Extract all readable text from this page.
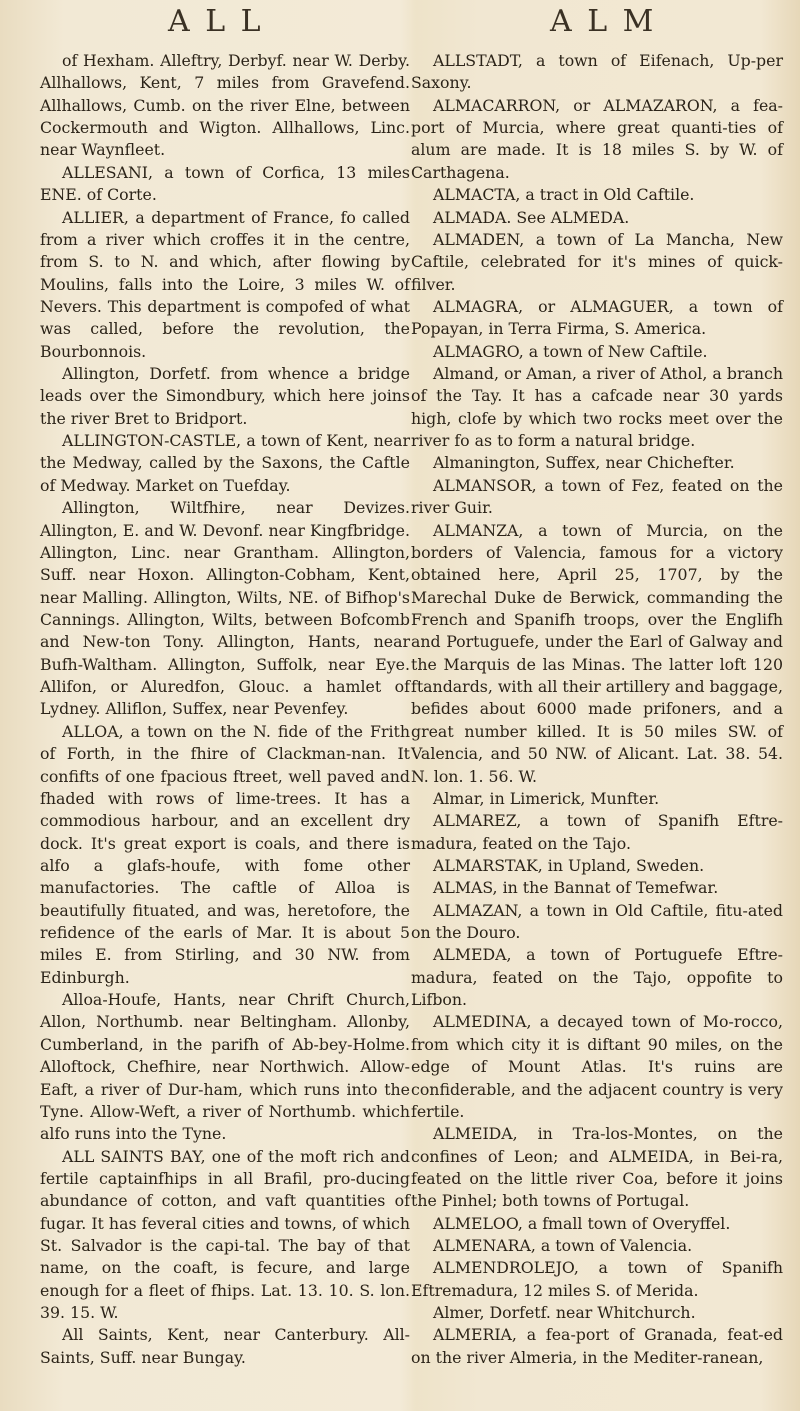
A L L	A L M

of Hexham. Alleftry, Derbyf. near W. Derby. Allhallows, Kent, 7 miles from Gravefend. Allhallows, Cumb. on the river Elne, between Cockermouth and Wigton. Allhallows, Linc. near Waynfleet.

ALLESANI, a town of Corfica, 13 miles ENE. of Corte.

ALLIER, a department of France, fo called from a river which croffes it in the centre, from S. to N. and which, after flowing by Moulins, falls into the Loire, 3 miles W. of Nevers. This department is compofed of what was called, before the revolution, the Bourbonnois.

Allington, Dorfetf. from whence a bridge leads over the Simondbury, which here joins the river Bret to Bridport.

ALLINGTON-CASTLE, a town of Kent, near the Medway, called by the Saxons, the Caftle of Medway. Market on Tuefday.

Allington, Wiltfhire, near Devizes. Allington, E. and W. Devonf. near Kingfbridge. Allington, Linc. near Grantham. Allington, Suff. near Hoxon. Allington-Cobham, Kent, near Malling. Allington, Wilts, NE. of Bifhop's Cannings. Allington, Wilts, between Bofcomb and New-ton Tony. Allington, Hants, near Bufh-Waltham. Allington, Suffolk, near Eye. Allifon, or Aluredfon, Glouc. a hamlet of Lydney. Alliflon, Suffex, near Pevenfey.

ALLOA, a town on the N. fide of the Frith of Forth, in the fhire of Clackman-nan. It confifts of one fpacious ftreet, well paved and fhaded with rows of lime-trees. It has a commodious harbour, and an excellent dry dock. It's great export is coals, and there is alfo a glafs-houfe, with fome other manufactories. The caftle of Alloa is beautifully fituated, and was, heretofore, the refidence of the earls of Mar. It is about 5 miles E. from Stirling, and 30 NW. from Edinburgh.

Alloa-Houfe, Hants, near Chrift Church, Allon, Northumb. near Beltingham. Allonby, Cumberland, in the parifh of Ab-bey-Holme. Alloftock, Chefhire, near Northwich. Allow-Eaft, a river of Dur-ham, which runs into the Tyne. Allow-Weft, a river of Northumb. which alfo runs into the Tyne.

ALL SAINTS BAY, one of the moft rich and fertile captainfhips in all Brafil, pro-ducing abundance of cotton, and vaft quantities of fugar. It has feveral cities and towns, of which St. Salvador is the capi-tal. The bay of that name, on the coaft, is fecure, and large enough for a fleet of fhips. Lat. 13. 10. S. lon. 39. 15. W.

All Saints, Kent, near Canterbury. All-Saints, Suff. near Bungay.

ALLSTADT, a town of Eifenach, Up-per Saxony.

ALMACARRON, or ALMAZARON, a fea-port of Murcia, where great quanti-ties of alum are made. It is 18 miles S. by W. of Carthagena.

ALMACTA, a tract in Old Caftile.

ALMADA. See ALMEDA.

ALMADEN, a town of La Mancha, New Caftile, celebrated for it's mines of quick-filver.

ALMAGRA, or ALMAGUER, a town of Popayan, in Terra Firma, S. America.

ALMAGRO, a town of New Caftile.

Almand, or Aman, a river of Athol, a branch of the Tay. It has a cafcade near 30 yards high, clofe by which two rocks meet over the river fo as to form a natural bridge.

Almanington, Suffex, near Chichefter.

ALMANSOR, a town of Fez, feated on the river Guir.

ALMANZA, a town of Murcia, on the borders of Valencia, famous for a victory obtained here, April 25, 1707, by the Marechal Duke de Berwick, commanding the French and Spanifh troops, over the Englifh and Portuguefe, under the Earl of Galway and the Marquis de las Minas. The latter loft 120 ftandards, with all their artillery and baggage, befides about 6000 made prifoners, and a great number killed. It is 50 miles SW. of Valencia, and 50 NW. of Alicant. Lat. 38. 54. N. lon. 1. 56. W.

Almar, in Limerick, Munfter.

ALMAREZ, a town of Spanifh Eftre-madura, feated on the Tajo.

ALMARSTAK, in Upland, Sweden.

ALMAS, in the Bannat of Temefwar.

ALMAZAN, a town in Old Caftile, fitu-ated on the Douro.

ALMEDA, a town of Portuguefe Eftre-madura, feated on the Tajo, oppofite to Lifbon.

ALMEDINA, a decayed town of Mo-rocco, from which city it is diftant 90 miles, on the edge of Mount Atlas. It's ruins are confiderable, and the adjacent country is very fertile.

ALMEIDA, in Tra-los-Montes, on the confines of Leon; and ALMEIDA, in Bei-ra, feated on the little river Coa, before it joins the Pinhel; both towns of Portugal.

ALMELOO, a fmall town of Overyffel.

ALMENARA, a town of Valencia.

ALMENDROLEJO, a town of Spanifh Eftremadura, 12 miles S. of Merida.

Almer, Dorfetf. near Whitchurch.

ALMERIA, a fea-port of Granada, feat-ed on the river Almeria, in the Mediter-ranean,
